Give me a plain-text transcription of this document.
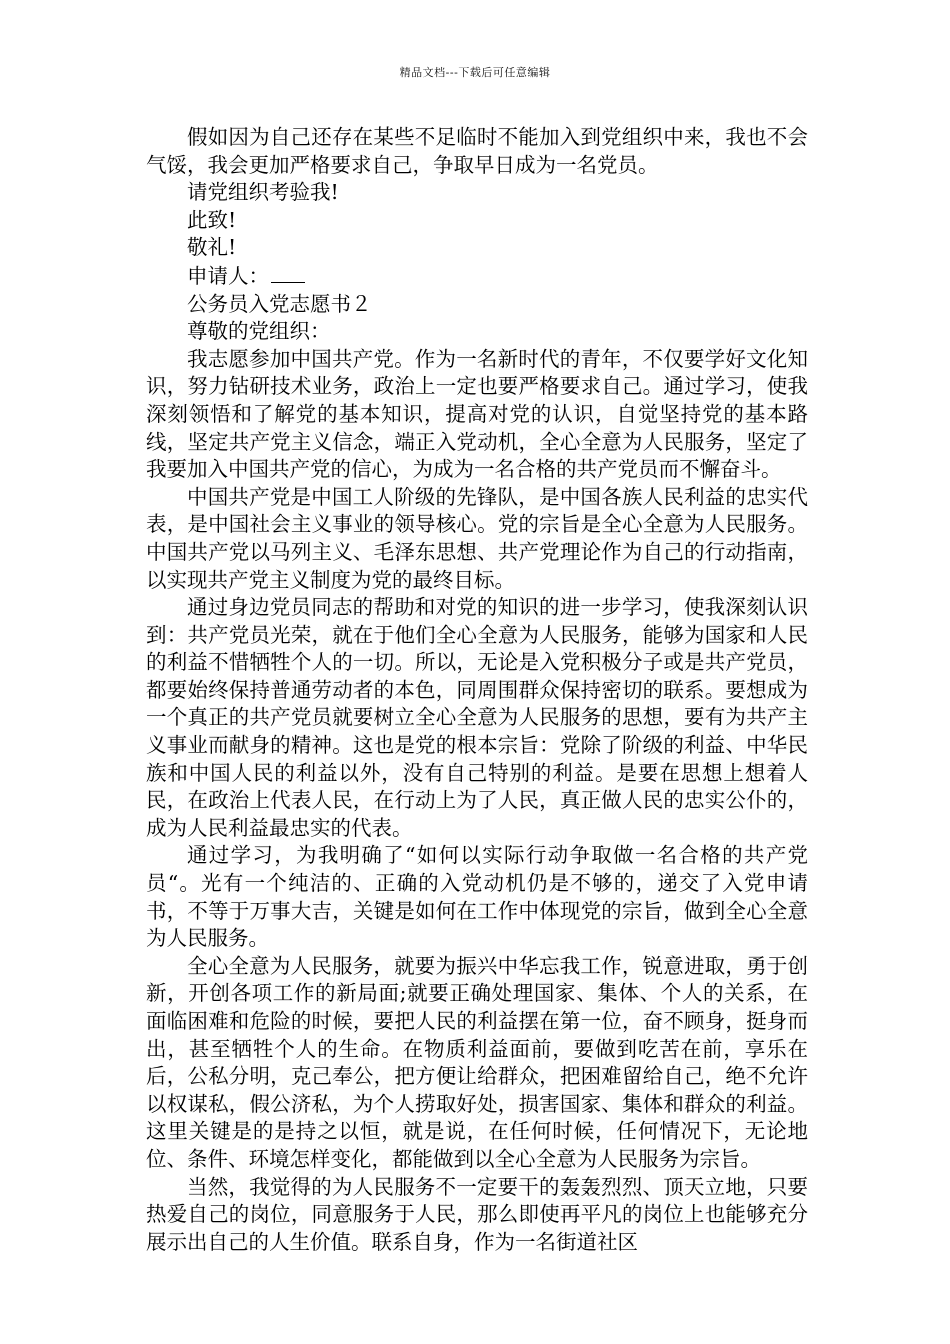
精品文档---下载后可任意编辑

假如因为自己还存在某些不足临时不能加入到党组织中来，我也不会气馁，我会更加严格要求自己，争取早日成为一名党员。

请党组织考验我!

此致!

敬礼!

申请人：

公务员入党志愿书２

尊敬的党组织：

我志愿参加中国共产党。作为一名新时代的青年，不仅要学好文化知识，努力钻研技术业务，政治上一定也要严格要求自己。通过学习，使我深刻领悟和了解党的基本知识，提高对党的认识，自觉坚持党的基本路线，坚定共产党主义信念，端正入党动机，全心全意为人民服务，坚定了我要加入中国共产党的信心，为成为一名合格的共产党员而不懈奋斗。

中国共产党是中国工人阶级的先锋队，是中国各族人民利益的忠实代表，是中国社会主义事业的领导核心。党的宗旨是全心全意为人民服务。中国共产党以马列主义、毛泽东思想、共产党理论作为自己的行动指南，以实现共产党主义制度为党的最终目标。

通过身边党员同志的帮助和对党的知识的进一步学习，使我深刻认识到：共产党员光荣，就在于他们全心全意为人民服务，能够为国家和人民的利益不惜牺牲个人的一切。所以，无论是入党积极分子或是共产党员，都要始终保持普通劳动者的本色，同周围群众保持密切的联系。要想成为一个真正的共产党员就要树立全心全意为人民服务的思想，要有为共产主义事业而献身的精神。这也是党的根本宗旨：党除了阶级的利益、中华民族和中国人民的利益以外，没有自己特别的利益。是要在思想上想着人民，在政治上代表人民，在行动上为了人民，真正做人民的忠实公仆的，成为人民利益最忠实的代表。

通过学习，为我明确了“如何以实际行动争取做一名合格的共产党员“。光有一个纯洁的、正确的入党动机仍是不够的，递交了入党申请书，不等于万事大吉，关键是如何在工作中体现党的宗旨，做到全心全意为人民服务。

全心全意为人民服务，就要为振兴中华忘我工作，锐意进取，勇于创新，开创各项工作的新局面;就要正确处理国家、集体、个人的关系，在面临困难和危险的时候，要把人民的利益摆在第一位，奋不顾身，挺身而出，甚至牺牲个人的生命。在物质利益面前，要做到吃苦在前，享乐在后，公私分明，克己奉公，把方便让给群众，把困难留给自己，绝不允许以权谋私，假公济私，为个人捞取好处，损害国家、集体和群众的利益。这里关键是的是持之以恒，就是说，在任何时候，任何情况下，无论地位、条件、环境怎样变化，都能做到以全心全意为人民服务为宗旨。

当然，我觉得的为人民服务不一定要干的轰轰烈烈、顶天立地，只要热爱自己的岗位，同意服务于人民，那么即使再平凡的岗位上也能够充分展示出自己的人生价值。联系自身，作为一名街道社区
